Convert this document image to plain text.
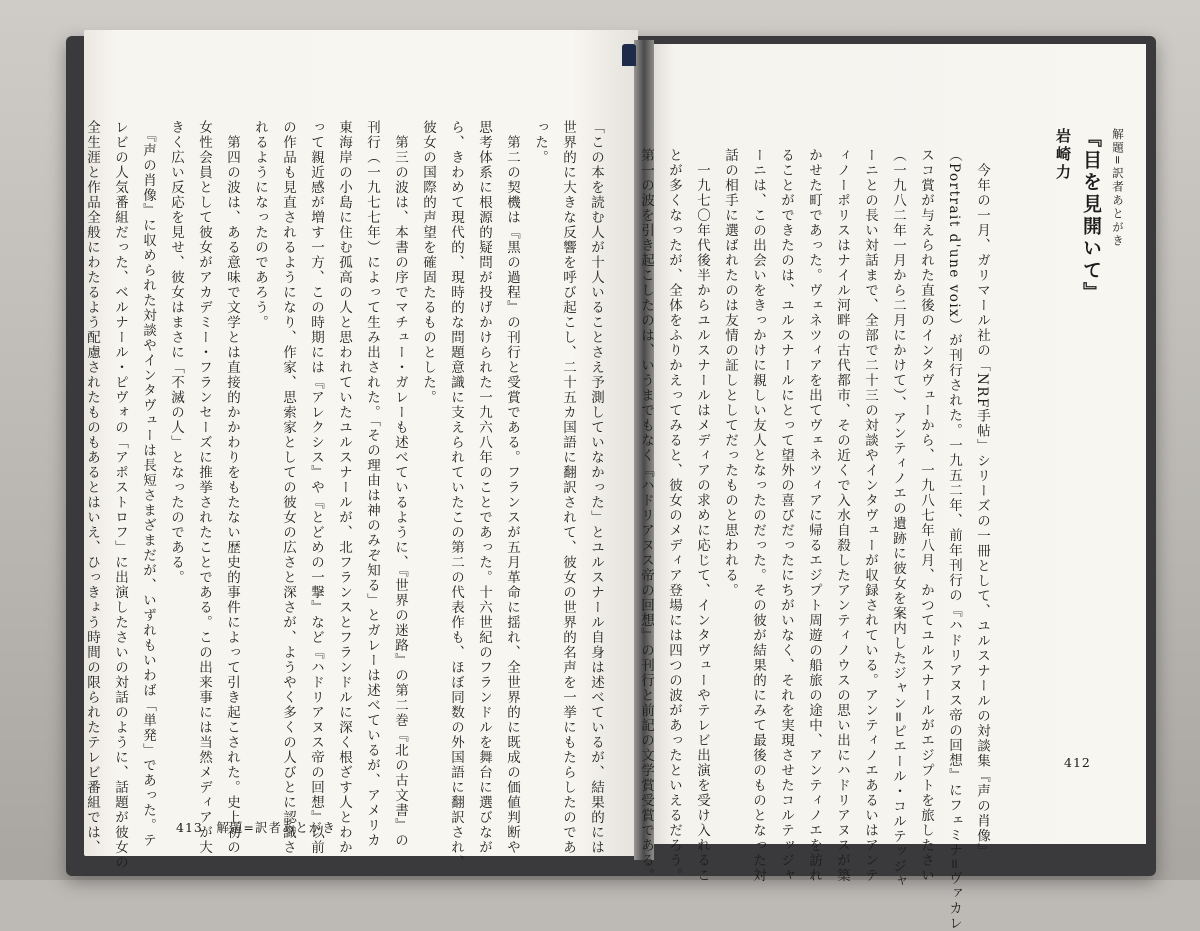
「この本を読む人が十人いることさえ予測していなかった」とユルスナール自身は述べているが、結果的には
世界的に大きな反響を呼び起こし、二十五カ国語に翻訳されて、彼女の世界的名声を一挙にもたらしたのであ
った。
　第二の契機は『黒の過程』の刊行と受賞である。フランスが五月革命に揺れ、全世界的に既成の価値判断や
思考体系に根源的疑問が投げかけられた一九六八年のことであった。十六世紀のフランドルを舞台に選びなが
ら、きわめて現代的、現時的な問題意識に支えられていたこの第二の代表作も、ほぼ同数の外国語に翻訳され、
彼女の国際的声望を確固たるものとした。
　第三の波は、本書の序でマチュー・ガレーも述べているように、『世界の迷路』の第二巻『北の古文書』の
刊行（一九七七年）によって生み出された。「その理由は神のみぞ知る」とガレーは述べているが、アメリカ
東海岸の小島に住む孤高の人と思われていたユルスナールが、北フランスとフランドルに深く根ざす人とわか
って親近感が増す一方、この時期には『アレクシス』や『とどめの一撃』など『ハドリアヌス帝の回想』以前
の作品も見直されるようになり、作家、思索家としての彼女の広さと深さが、ようやく多くの人びとに認識さ
れるようになったのであろう。
　第四の波は、ある意味で文学とは直接的かかわりをもたない歴史的事件によって引き起こされた。史上初の
女性会員として彼女がアカデミー・フランセーズに推挙されたことである。この出来事には当然メディアが大
きく広い反応を見せ、彼女はまさに「不滅の人」となったのである。
　『声の肖像』に収められた対談やインタヴューは長短さまざまだが、いずれもいわば「単発」であった。テ
レビの人気番組だった、ベルナール・ピヴォの「アポストロフ」に出演したさいの対話のように、話題が彼女の
全生涯と作品全般にわたるよう配慮されたものもあるとはいえ、ひっきょう時間の限られたテレビ番組では、	413　解題=訳者あとがき
解題=訳者あとがき
『目を見開いて』
岩崎力
　今年の一月、ガリマール社の「NRF手帖」シリーズの一冊として、ユルスナールの対談集『声の肖像』
（Portrait d'une voix）が刊行された。一九五二年、前年刊行の『ハドリアヌス帝の回想』にフェミナ=ヴァカレ
スコ賞が与えられた直後のインタヴューから、一九八七年八月、かつてユルスナールがエジプトを旅したさい
（一九八二年一月から二月にかけて）、アンティノエの遺跡に彼女を案内したジャン=ピエール・コルテッジャ
ーニとの長い対話まで、全部で二十三の対談やインタヴューが収録されている。アンティノエあるいはアンテ
ィノーポリスはナイル河畔の古代都市、その近くで入水自殺したアンティノウスの思い出にハドリアヌスが築
かせた町であった。ヴェネツィアを出てヴェネツィアに帰るエジプト周遊の船旅の途中、アンティノエを訪れ
ることができたのは、ユルスナールにとって望外の喜びだったにちがいなく、それを実現させたコルテッジャ
ーニは、この出会いをきっかけに親しい友人となったのだった。その彼が結果的にみて最後のものとなった対
話の相手に選ばれたのは友情の証しとしてだったものと思われる。
　一九七〇年代後半からユルスナールはメディアの求めに応じて、インタヴューやテレビ出演を受け入れるこ
とが多くなったが、全体をふりかえってみると、彼女のメディア登場には四つの波があったといえるだろう。
第一の波を引き起こしたのは、いうまでもなく『ハドリアヌス帝の回想』の刊行と前記の文学賞受賞である。	412
